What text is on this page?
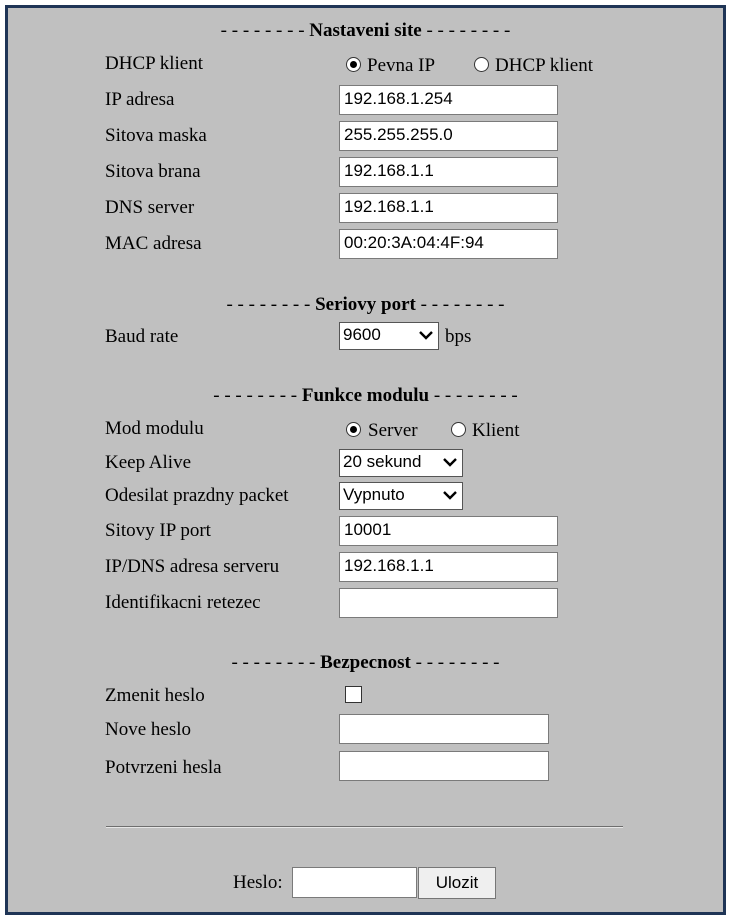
- - - - - - - - Nastaveni site - - - - - - - -
DHCP klient	Pevna IP	DHCP klient
IP adresa	192.168.1.254
Sitova maska	255.255.255.0
Sitova brana	192.168.1.1
DNS server	192.168.1.1
MAC adresa	00:20:3A:04:4F:94
- - - - - - - - Seriovy port - - - - - - - -
Baud rate	9600	bps
- - - - - - - - Funkce modulu - - - - - - - -
Mod modulu	Server	Klient
Keep Alive	20 sekund
Odesilat prazdny packet	Vypnuto
Sitovy IP port	10001
IP/DNS adresa serveru	192.168.1.1
Identifikacni retezec
- - - - - - - - Bezpecnost - - - - - - - -
Zmenit heslo
Nove heslo
Potvrzeni hesla
Heslo:	Ulozit
